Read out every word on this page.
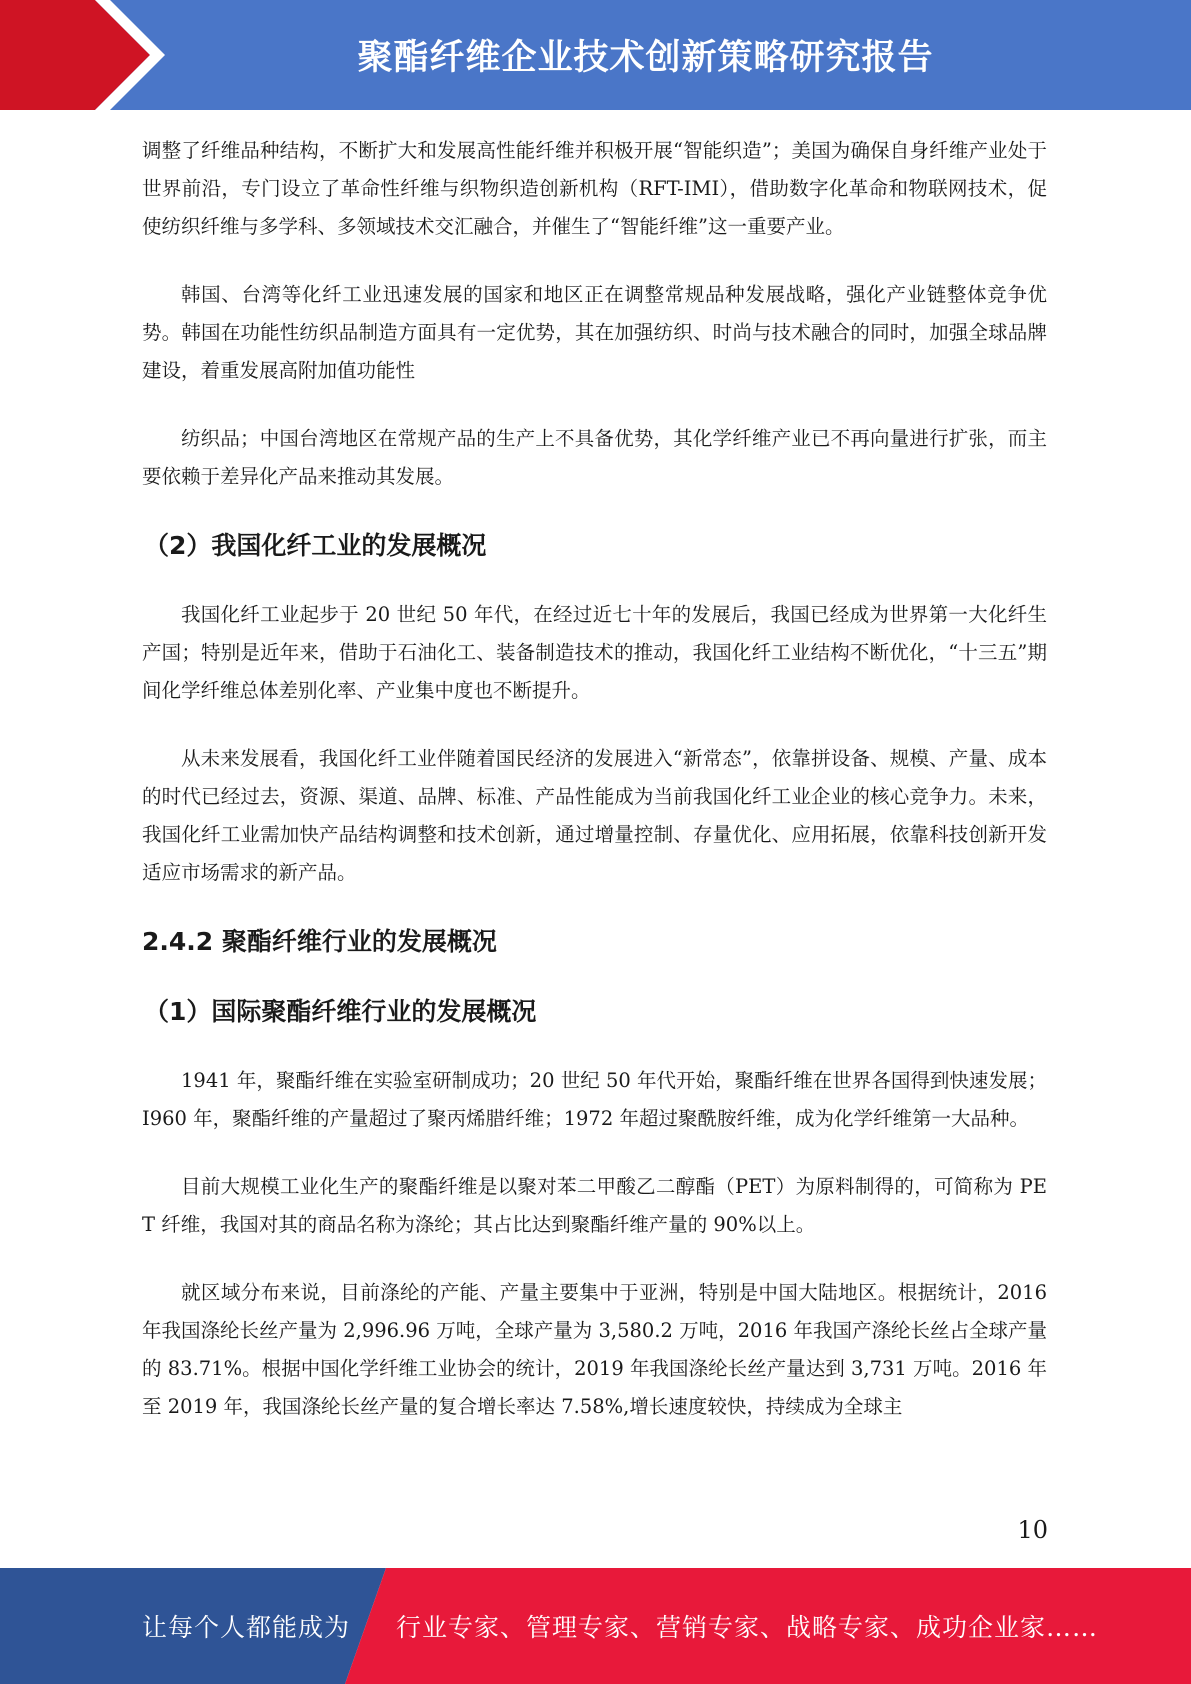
聚酯纤维企业技术创新策略研究报告

调整了纤维品种结构，不断扩大和发展高性能纤维并积极开展“智能织造”；美国为确保自身纤维产业处于世界前沿，专门设立了革命性纤维与织物织造创新机构（RFT-IMI），借助数字化革命和物联网技术，促使纺织纤维与多学科、多领域技术交汇融合，并催生了“智能纤维”这一重要产业。

韩国、台湾等化纤工业迅速发展的国家和地区正在调整常规品种发展战略，强化产业链整体竞争优势。韩国在功能性纺织品制造方面具有一定优势，其在加强纺织、时尚与技术融合的同时，加强全球品牌建设，着重发展高附加值功能性

纺织品；中国台湾地区在常规产品的生产上不具备优势，其化学纤维产业已不再向量进行扩张，而主要依赖于差异化产品来推动其发展。

（2）我国化纤工业的发展概况

我国化纤工业起步于 20 世纪 50 年代，在经过近七十年的发展后，我国已经成为世界第一大化纤生产国；特别是近年来，借助于石油化工、装备制造技术的推动，我国化纤工业结构不断优化，“十三五”期间化学纤维总体差别化率、产业集中度也不断提升。

从未来发展看，我国化纤工业伴随着国民经济的发展进入“新常态”，依靠拼设备、规模、产量、成本的时代已经过去，资源、渠道、品牌、标准、产品性能成为当前我国化纤工业企业的核心竞争力。未来，我国化纤工业需加快产品结构调整和技术创新，通过增量控制、存量优化、应用拓展，依靠科技创新开发适应市场需求的新产品。

2.4.2 聚酯纤维行业的发展概况
（1）国际聚酯纤维行业的发展概况

1941 年，聚酯纤维在实验室研制成功；20 世纪 50 年代开始，聚酯纤维在世界各国得到快速发展；I960 年，聚酯纤维的产量超过了聚丙烯腊纤维；1972 年超过聚酰胺纤维，成为化学纤维第一大品种。

目前大规模工业化生产的聚酯纤维是以聚对苯二甲酸乙二醇酯（PET）为原料制得的，可简称为 PET 纤维，我国对其的商品名称为涤纶；其占比达到聚酯纤维产量的 90%以上。

就区域分布来说，目前涤纶的产能、产量主要集中于亚洲，特别是中国大陆地区。根据统计，2016 年我国涤纶长丝产量为 2,996.96 万吨，全球产量为 3,580.2 万吨，2016 年我国产涤纶长丝占全球产量的 83.71%。根据中国化学纤维工业协会的统计，2019 年我国涤纶长丝产量达到 3,731 万吨。2016 年至 2019 年，我国涤纶长丝产量的复合增长率达 7.58%,增长速度较快，持续成为全球主

10
让每个人都能成为 行业专家、管理专家、营销专家、战略专家、成功企业家……
